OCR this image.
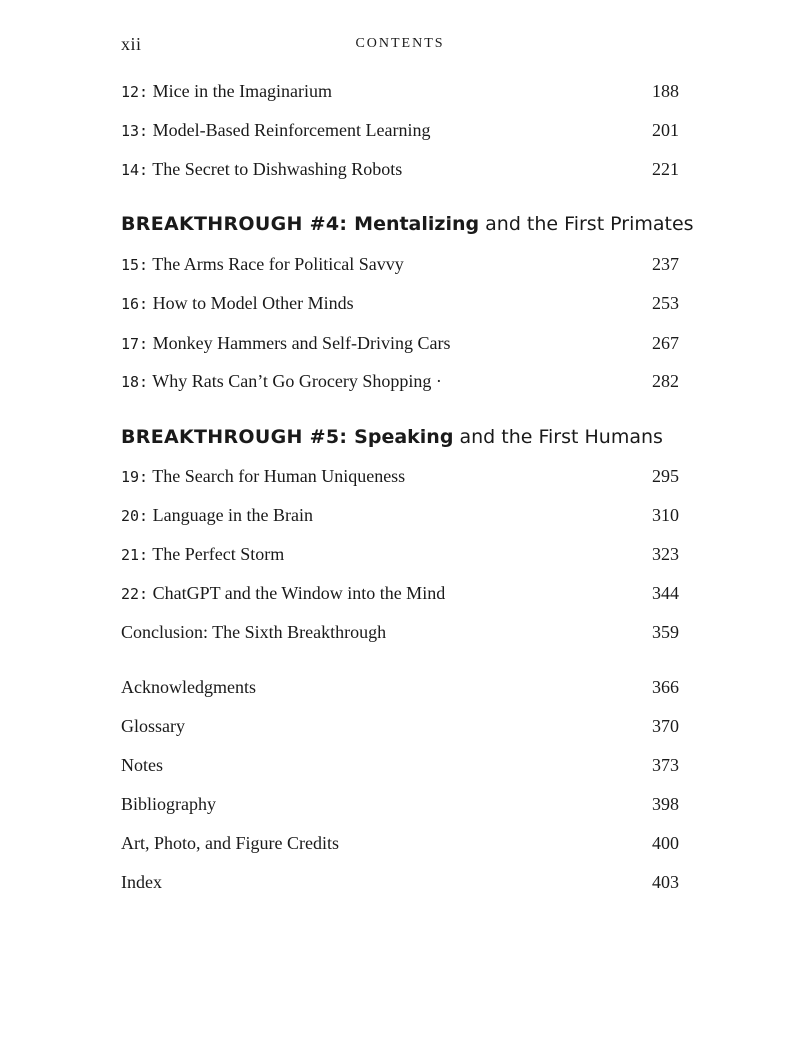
xii	CONTENTS
12: Mice in the Imaginarium	188
13: Model-Based Reinforcement Learning	201
14: The Secret to Dishwashing Robots	221
BREAKTHROUGH #4: Mentalizing and the First Primates
15: The Arms Race for Political Savvy	237
16: How to Model Other Minds	253
17: Monkey Hammers and Self-Driving Cars	267
18: Why Rats Can’t Go Grocery Shopping ·	282
BREAKTHROUGH #5: Speaking and the First Humans
19: The Search for Human Uniqueness	295
20: Language in the Brain	310
21: The Perfect Storm	323
22: ChatGPT and the Window into the Mind	344
Conclusion: The Sixth Breakthrough	359
Acknowledgments	366
Glossary	370
Notes	373
Bibliography	398
Art, Photo, and Figure Credits	400
Index	403
